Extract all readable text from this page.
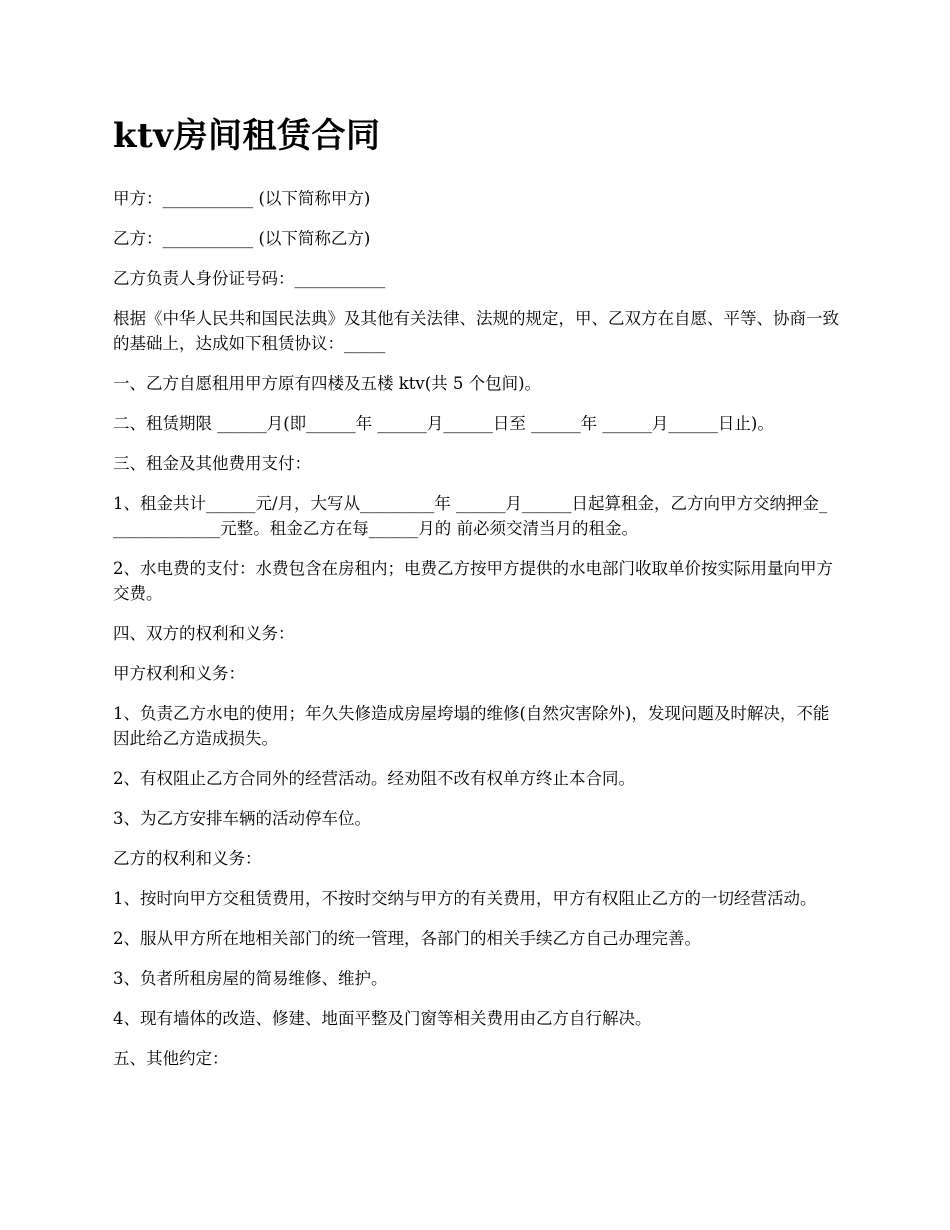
ktv房间租赁合同

甲方：___________ (以下简称甲方)

乙方：___________ (以下简称乙方)

乙方负责人身份证号码：___________

根据《中华人民共和国民法典》及其他有关法律、法规的规定，甲、乙双方在自愿、平等、协商一致的基础上，达成如下租赁协议：_____

一、乙方自愿租用甲方原有四楼及五楼 ktv(共 5 个包间)。

二、租赁期限 ______月(即______年 ______月______日至 ______年 ______月______日止)。

三、租金及其他费用支付：

1、租金共计______元/月，大写从_________年 ______月______日起算租金，乙方向甲方交纳押金______________元整。租金乙方在每______月的 前必须交清当月的租金。

2、水电费的支付：水费包含在房租内；电费乙方按甲方提供的水电部门收取单价按实际用量向甲方交费。

四、双方的权利和义务：

甲方权利和义务：

1、负责乙方水电的使用；年久失修造成房屋垮塌的维修(自然灾害除外)，发现问题及时解决，不能因此给乙方造成损失。

2、有权阻止乙方合同外的经营活动。经劝阻不改有权单方终止本合同。

3、为乙方安排车辆的活动停车位。

乙方的权利和义务：

1、按时向甲方交租赁费用，不按时交纳与甲方的有关费用，甲方有权阻止乙方的一切经营活动。

2、服从甲方所在地相关部门的统一管理，各部门的相关手续乙方自己办理完善。

3、负者所租房屋的简易维修、维护。

4、现有墙体的改造、修建、地面平整及门窗等相关费用由乙方自行解决。

五、其他约定：
